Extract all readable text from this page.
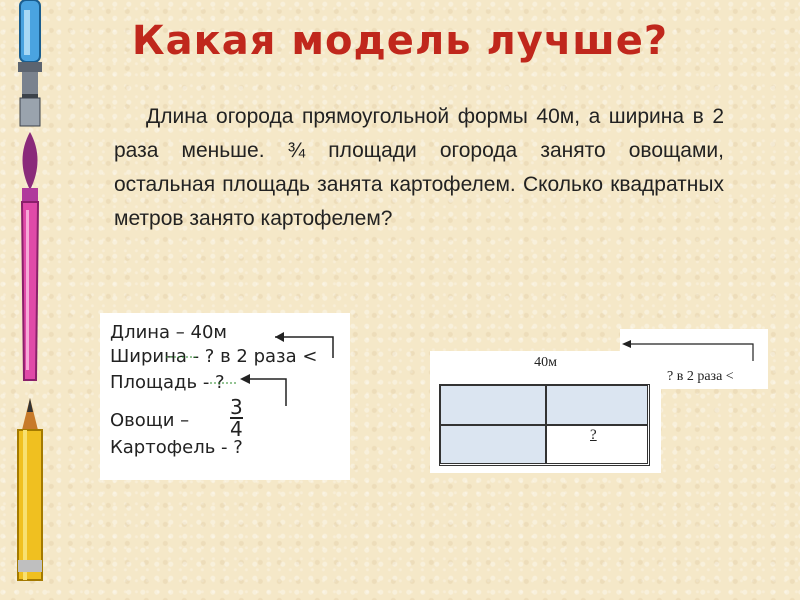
Какая модель лучше?
Длина огорода прямоугольной формы 40м, а ширина в 2 раза меньше. ¾ площади огорода занято овощами, остальная площадь занята картофелем. Сколько квадратных метров занято картофелем?
Длина – 40м
Ширина - ? в 2 раза <
Площадь - ?
Овощи –
3
4
Картофель - ?
? в 2 раза <
40м
?
